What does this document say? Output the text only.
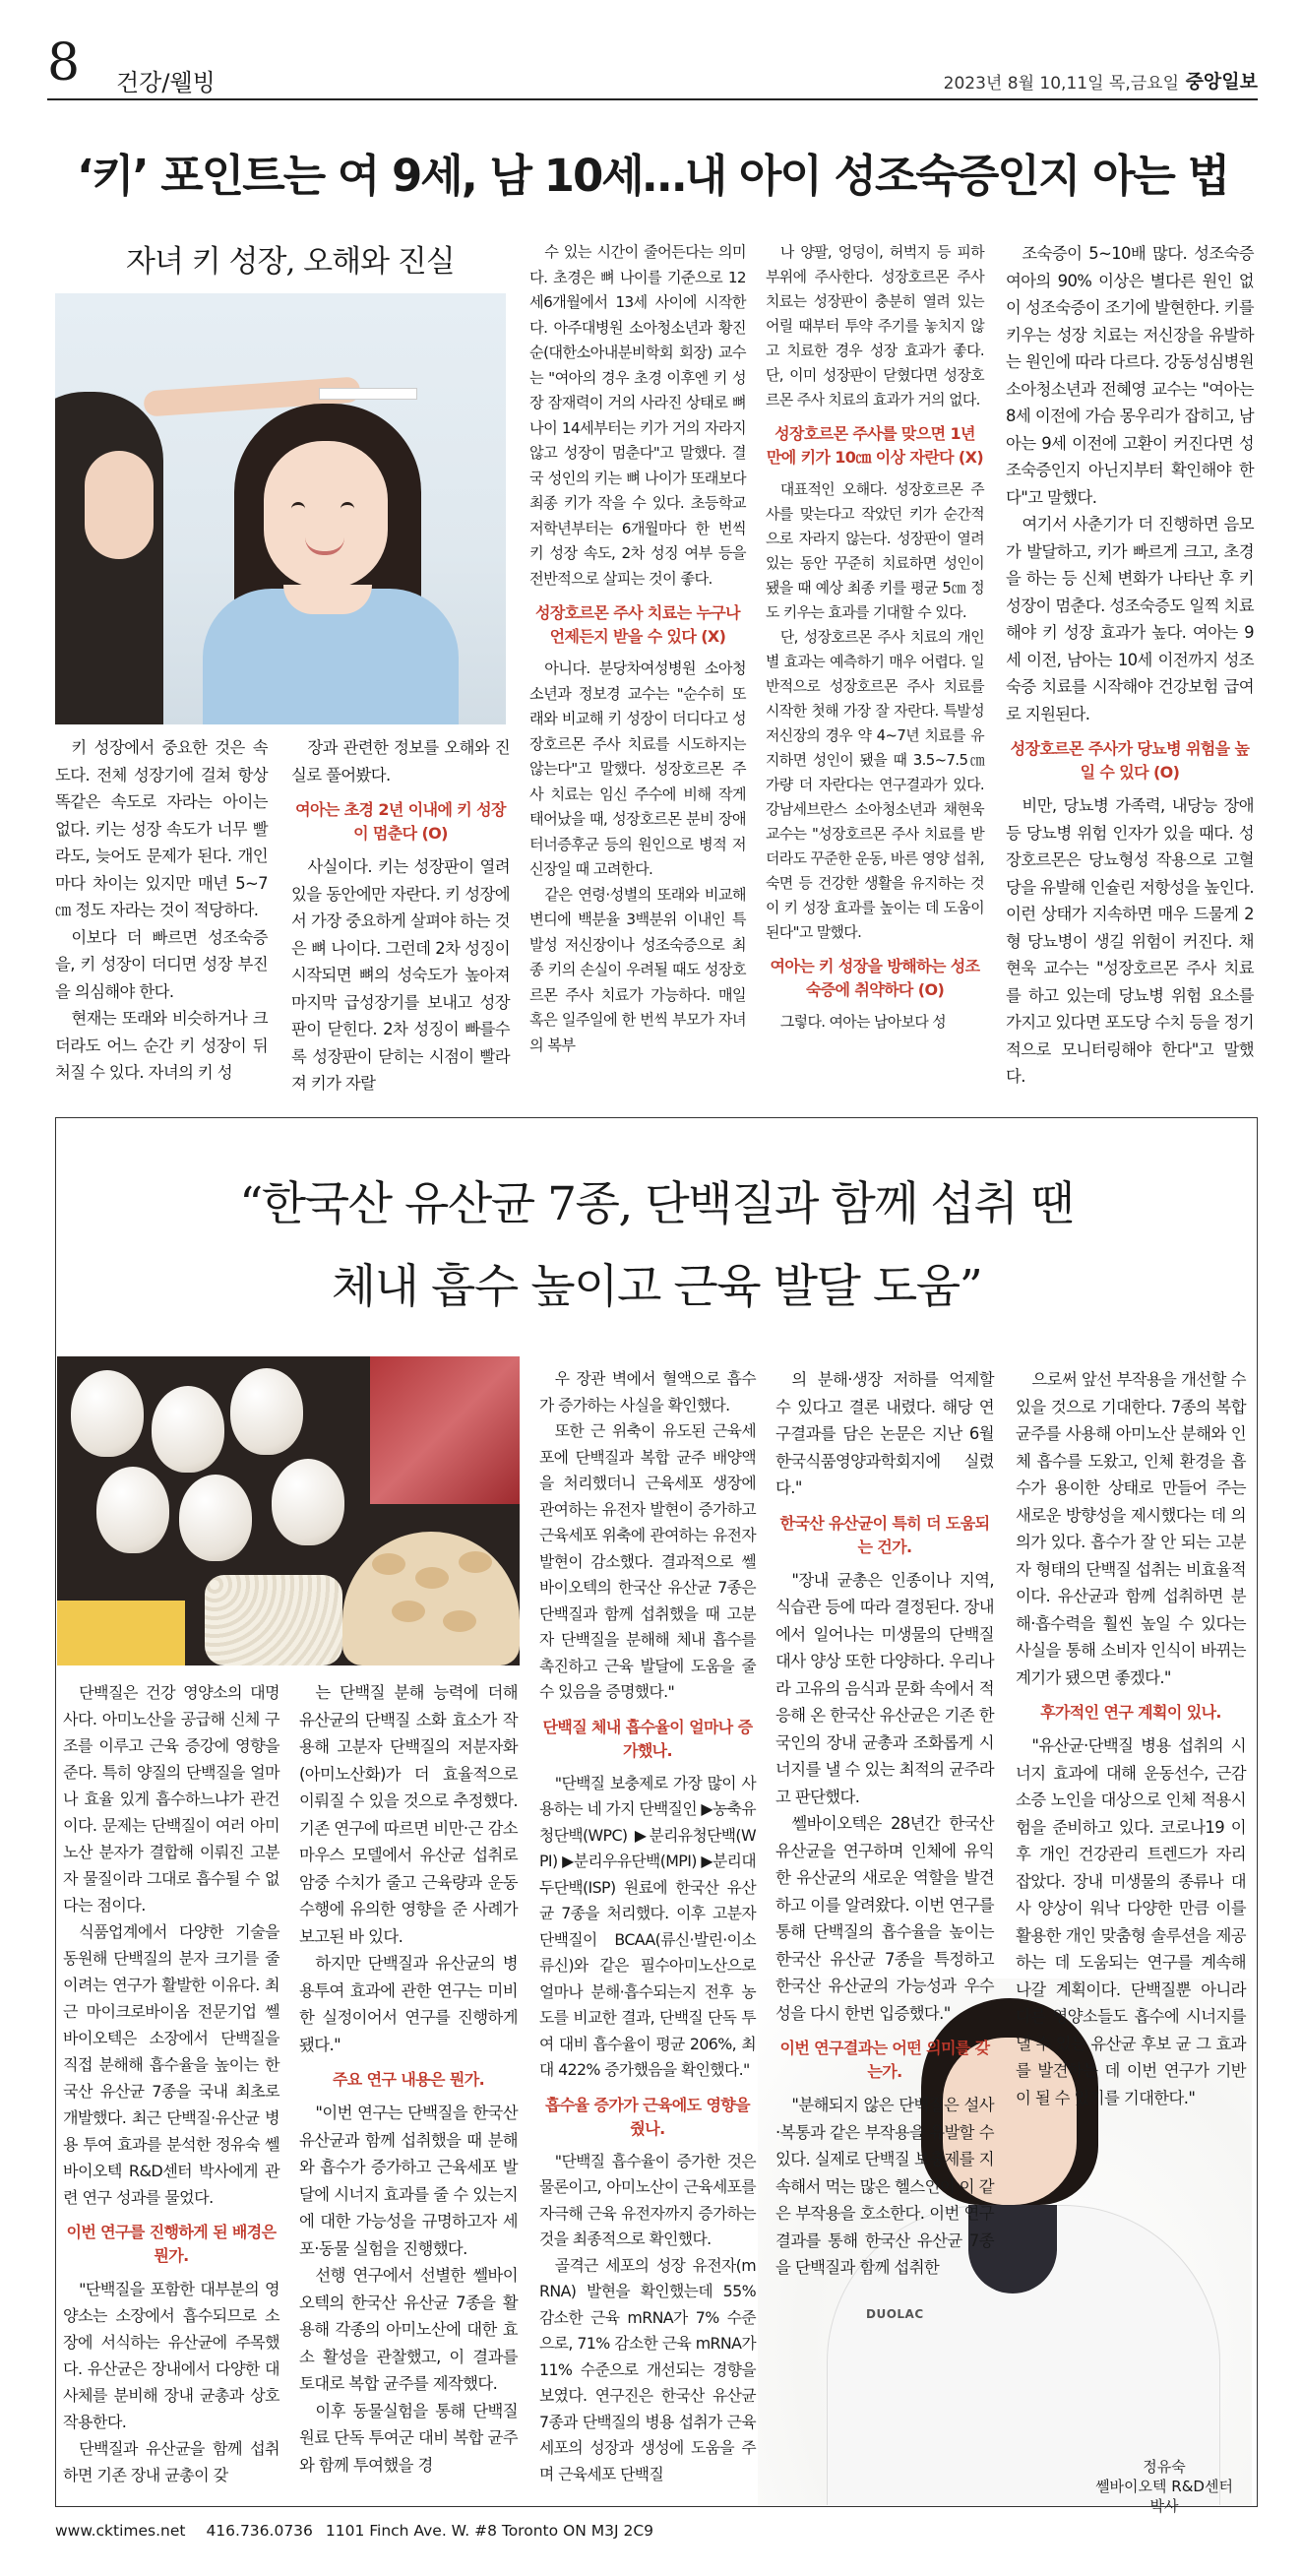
8 건강/웰빙	2023년 8월 10,11일 목,금요일 중앙일보
‘키’ 포인트는 여 9세, 남 10세…내 아이 성조숙증인지 아는 법
자녀 키 성장, 오해와 진실

키 성장에서 중요한 것은 속도다. 전체 성장기에 걸쳐 항상 똑같은 속도로 자라는 아이는 없다. 키는 성장 속도가 너무 빨라도, 늦어도 문제가 된다. 개인마다 차이는 있지만 매년 5~7㎝ 정도 자라는 것이 적당하다.

이보다 더 빠르면 성조숙증을, 키 성장이 더디면 성장 부진을 의심해야 한다.

현재는 또래와 비슷하거나 크더라도 어느 순간 키 성장이 뒤처질 수 있다. 자녀의 키 성

장과 관련한 정보를 오해와 진실로 풀어봤다.

여아는 초경 2년 이내에 키 성장이 멈춘다 (O)

사실이다. 키는 성장판이 열려 있을 동안에만 자란다. 키 성장에서 가장 중요하게 살펴야 하는 것은 뼈 나이다. 그런데 2차 성징이 시작되면 뼈의 성숙도가 높아져 마지막 급성장기를 보내고 성장판이 닫힌다. 2차 성징이 빠를수록 성장판이 닫히는 시점이 빨라져 키가 자랄

수 있는 시간이 줄어든다는 의미다. 초경은 뼈 나이를 기준으로 12세6개월에서 13세 사이에 시작한다. 아주대병원 소아청소년과 황진순(대한소아내분비학회 회장) 교수는 "여아의 경우 초경 이후엔 키 성장 잠재력이 거의 사라진 상태로 뼈 나이 14세부터는 키가 거의 자라지 않고 성장이 멈춘다"고 말했다. 결국 성인의 키는 뼈 나이가 또래보다 최종 키가 작을 수 있다. 초등학교 저학년부터는 6개월마다 한 번씩 키 성장 속도, 2차 성징 여부 등을 전반적으로 살피는 것이 좋다.

성장호르몬 주사 치료는 누구나 언제든지 받을 수 있다 (X)

아니다. 분당차여성병원 소아청소년과 정보경 교수는 "순수히 또래와 비교해 키 성장이 더디다고 성장호르몬 주사 치료를 시도하지는 않는다"고 말했다. 성장호르몬 주사 치료는 임신 주수에 비해 작게 태어났을 때, 성장호르몬 분비 장애 터너증후군 등의 원인으로 병적 저신장일 때 고려한다.

같은 연령·성별의 또래와 비교해 변디에 백분율 3백분위 이내인 특발성 저신장이나 성조숙증으로 최종 키의 손실이 우려될 때도 성장호르몬 주사 치료가 가능하다. 매일 혹은 일주일에 한 번씩 부모가 자녀의 복부

나 양팔, 엉덩이, 허벅지 등 피하 부위에 주사한다. 성장호르몬 주사 치료는 성장판이 충분히 열려 있는 어릴 때부터 투약 주기를 놓치지 않고 치료한 경우 성장 효과가 좋다. 단, 이미 성장판이 닫혔다면 성장호르몬 주사 치료의 효과가 거의 없다.

성장호르몬 주사를 맞으면 1년 만에 키가 10㎝ 이상 자란다 (X)

대표적인 오해다. 성장호르몬 주사를 맞는다고 작았던 키가 순간적으로 자라지 않는다. 성장판이 열려 있는 동안 꾸준히 치료하면 성인이 됐을 때 예상 최종 키를 평균 5㎝ 정도 키우는 효과를 기대할 수 있다.

단, 성장호르몬 주사 치료의 개인별 효과는 예측하기 매우 어렵다. 일반적으로 성장호르몬 주사 치료를 시작한 첫해 가장 잘 자란다. 특발성 저신장의 경우 약 4~7년 치료를 유지하면 성인이 됐을 때 3.5~7.5㎝가량 더 자란다는 연구결과가 있다. 강남세브란스 소아청소년과 채현욱 교수는 "성장호르몬 주사 치료를 받더라도 꾸준한 운동, 바른 영양 섭취, 숙면 등 건강한 생활을 유지하는 것이 키 성장 효과를 높이는 데 도움이 된다"고 말했다.

여아는 키 성장을 방해하는 성조숙증에 취약하다 (O)

그렇다. 여아는 남아보다 성

조숙증이 5~10배 많다. 성조숙증 여아의 90% 이상은 별다른 원인 없이 성조숙증이 조기에 발현한다. 키를 키우는 성장 치료는 저신장을 유발하는 원인에 따라 다르다. 강동성심병원 소아청소년과 전혜영 교수는 "여아는 8세 이전에 가슴 몽우리가 잡히고, 남아는 9세 이전에 고환이 커진다면 성조숙증인지 아닌지부터 확인해야 한다"고 말했다.

여기서 사춘기가 더 진행하면 음모가 발달하고, 키가 빠르게 크고, 초경을 하는 등 신체 변화가 나타난 후 키 성장이 멈춘다. 성조숙증도 일찍 치료해야 키 성장 효과가 높다. 여아는 9세 이전, 남아는 10세 이전까지 성조숙증 치료를 시작해야 건강보험 급여로 지원된다.

성장호르몬 주사가 당뇨병 위험을 높일 수 있다 (O)

비만, 당뇨병 가족력, 내당능 장애 등 당뇨병 위험 인자가 있을 때다. 성장호르몬은 당뇨형성 작용으로 고혈당을 유발해 인슐린 저항성을 높인다. 이런 상태가 지속하면 매우 드물게 2형 당뇨병이 생길 위험이 커진다. 채현욱 교수는 "성장호르몬 주사 치료를 하고 있는데 당뇨병 위험 요소를 가지고 있다면 포도당 수치 등을 정기적으로 모니터링해야 한다"고 말했다.

“한국산 유산균 7종, 단백질과 함께 섭취 땐
체내 흡수 높이고 근육 발달 도움”
DUOLAC

단백질은 건강 영양소의 대명사다. 아미노산을 공급해 신체 구조를 이루고 근육 증강에 영향을 준다. 특히 양질의 단백질을 얼마나 효율 있게 흡수하느냐가 관건이다. 문제는 단백질이 여러 아미노산 분자가 결합해 이뤄진 고분자 물질이라 그대로 흡수될 수 없다는 점이다.

식품업계에서 다양한 기술을 동원해 단백질의 분자 크기를 줄이려는 연구가 활발한 이유다. 최근 마이크로바이옴 전문기업 쎌바이오텍은 소장에서 단백질을 직접 분해해 흡수율을 높이는 한국산 유산균 7종을 국내 최초로 개발했다. 최근 단백질·유산균 병용 투여 효과를 분석한 정유숙 쎌바이오텍 R&D센터 박사에게 관련 연구 성과를 물었다.

이번 연구를 진행하게 된 배경은 뭔가.

"단백질을 포함한 대부분의 영양소는 소장에서 흡수되므로 소장에 서식하는 유산균에 주목했다. 유산균은 장내에서 다양한 대사체를 분비해 장내 균총과 상호작용한다.

단백질과 유산균을 함께 섭취하면 기존 장내 균총이 갖

는 단백질 분해 능력에 더해 유산균의 단백질 소화 효소가 작용해 고분자 단백질의 저분자화(아미노산화)가 더 효율적으로 이뤄질 수 있을 것으로 추정했다. 기존 연구에 따르면 비만·근 감소 마우스 모델에서 유산균 섭취로 암중 수치가 줄고 근육량과 운동 수행에 유의한 영향을 준 사례가 보고된 바 있다.

하지만 단백질과 유산균의 병용투여 효과에 관한 연구는 미비한 실정이어서 연구를 진행하게 됐다."

주요 연구 내용은 뭔가.

"이번 연구는 단백질을 한국산 유산균과 함께 섭취했을 때 분해와 흡수가 증가하고 근육세포 발달에 시너지 효과를 줄 수 있는지에 대한 가능성을 규명하고자 세포·동물 실험을 진행했다.

선행 연구에서 선별한 쎌바이오텍의 한국산 유산균 7종을 활용해 각종의 아미노산에 대한 효소 활성을 관찰했고, 이 결과를 토대로 복합 균주를 제작했다.

이후 동물실험을 통해 단백질 원료 단독 투여군 대비 복합 균주와 함께 투여했을 경

우 장관 벽에서 혈액으로 흡수가 증가하는 사실을 확인했다.

또한 근 위축이 유도된 근육세포에 단백질과 복합 균주 배양액을 처리했더니 근육세포 생장에 관여하는 유전자 발현이 증가하고 근육세포 위축에 관여하는 유전자 발현이 감소했다. 결과적으로 쎌바이오텍의 한국산 유산균 7종은 단백질과 함께 섭취했을 때 고분자 단백질을 분해해 체내 흡수를 촉진하고 근육 발달에 도움을 줄 수 있음을 증명했다."

단백질 체내 흡수율이 얼마나 증가했나.

"단백질 보충제로 가장 많이 사용하는 네 가지 단백질인 ▶농축유청단백(WPC) ▶분리유청단백(WPI) ▶분리우유단백(MPI) ▶분리대두단백(ISP) 원료에 한국산 유산균 7종을 처리했다. 이후 고분자 단백질이 BCAA(류신·발린·이소류신)와 같은 필수아미노산으로 얼마나 분해·흡수되는지 전후 농도를 비교한 결과, 단백질 단독 투여 대비 흡수율이 평균 206%, 최대 422% 증가했음을 확인했다."

흡수율 증가가 근육에도 영향을 줬나.

"단백질 흡수율이 증가한 것은 물론이고, 아미노산이 근육세포를 자극해 근육 유전자까지 증가하는 것을 최종적으로 확인했다.

골격근 세포의 성장 유전자(mRNA) 발현을 확인했는데 55% 감소한 근육 mRNA가 7% 수준으로, 71% 감소한 근육 mRNA가 11% 수준으로 개선되는 경향을 보였다. 연구진은 한국산 유산균 7종과 단백질의 병용 섭취가 근육세포의 성장과 생성에 도움을 주며 근육세포 단백질

의 분해·생장 저하를 억제할 수 있다고 결론 내렸다. 해당 연구결과를 담은 논문은 지난 6월 한국식품영양과학회지에 실렸다."

한국산 유산균이 특히 더 도움되는 건가.

"장내 균총은 인종이나 지역, 식습관 등에 따라 결정된다. 장내에서 일어나는 미생물의 단백질 대사 양상 또한 다양하다. 우리나라 고유의 음식과 문화 속에서 적응해 온 한국산 유산균은 기존 한국인의 장내 균총과 조화롭게 시너지를 낼 수 있는 최적의 균주라고 판단했다.

쎌바이오텍은 28년간 한국산 유산균을 연구하며 인체에 유익한 유산균의 새로운 역할을 발견하고 이를 알려왔다. 이번 연구를 통해 단백질의 흡수율을 높이는 한국산 유산균 7종을 특정하고 한국산 유산균의 가능성과 우수성을 다시 한번 입증했다."

이번 연구결과는 어떤 의미를 갖는가.

"분해되지 않은 단백질은 설사·복통과 같은 부작용을 유발할 수 있다. 실제로 단백질 보충제를 지속해서 먹는 많은 헬스인이 이 같은 부작용을 호소한다. 이번 연구결과를 통해 한국산 유산균 7종을 단백질과 함께 섭취한

으로써 앞선 부작용을 개선할 수 있을 것으로 기대한다. 7종의 복합 균주를 사용해 아미노산 분해와 인체 흡수를 도왔고, 인체 환경을 흡수가 용이한 상태로 만들어 주는 새로운 방향성을 제시했다는 데 의의가 있다. 흡수가 잘 안 되는 고분자 형태의 단백질 섭취는 비효율적이다. 유산균과 함께 섭취하면 분해·흡수력을 훨씬 높일 수 있다는 사실을 통해 소비자 인식이 바뀌는 계기가 됐으면 좋겠다."

후가적인 연구 계획이 있나.

"유산균·단백질 병용 섭취의 시너지 효과에 대해 운동선수, 근감소증 노인을 대상으로 인체 적용시험을 준비하고 있다. 코로나19 이후 개인 건강관리 트렌드가 자리 잡았다. 장내 미생물의 종류나 대사 양상이 워낙 다양한 만큼 이를 활용한 개인 맞춤형 솔루션을 제공하는 데 도움되는 연구를 계속해 나갈 계획이다. 단백질뿐 아니라 다른 영양소들도 흡수에 시너지를 낼 수 있는 유산균 후보 균 그 효과를 발견하는 데 이번 연구가 기반이 될 수 있기를 기대한다."

정유숙
쎌바이오텍 R&D센터 박사
www.cktimes.net 416.736.0736 1101 Finch Ave. W. #8 Toronto ON M3J 2C9
